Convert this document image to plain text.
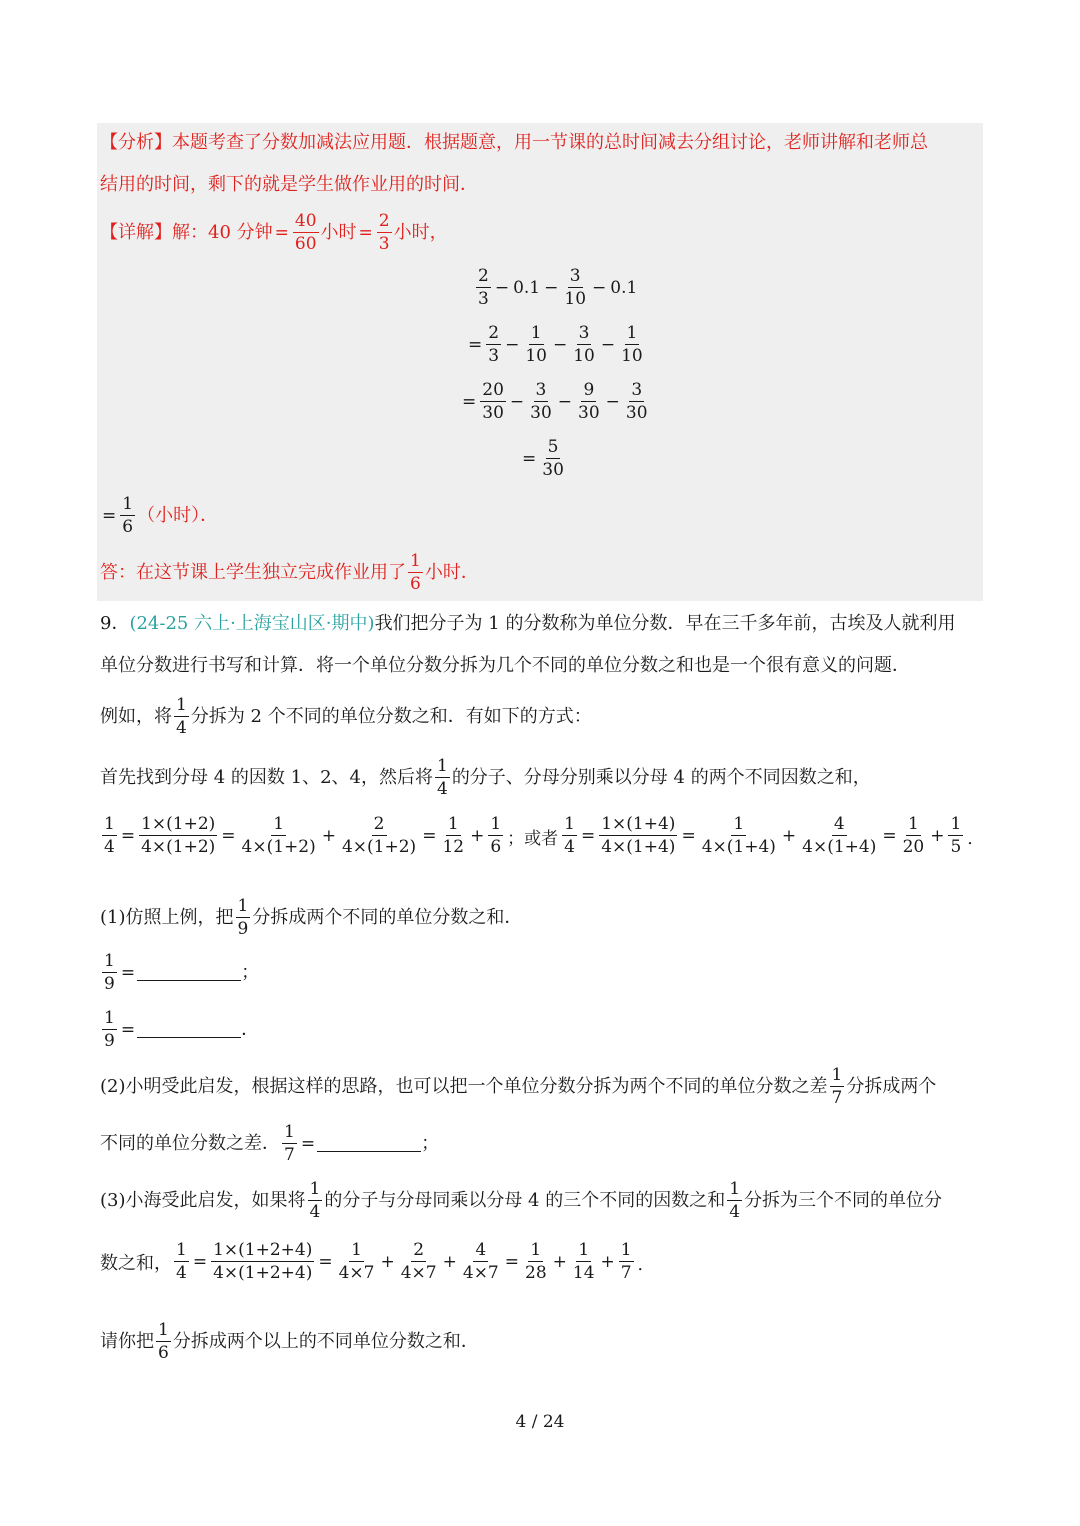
【分析】本题考查了分数加减法应用题．根据题意，用一节课的总时间减去分组讨论，老师讲解和老师总
结用的时间，剩下的就是学生做作业用的时间．
【详解】解：40 分钟 = $\frac{40}{60}$ 小时 = $\frac{2}{3}$ 小时，
$\frac{2}{3} - 0.1 - \frac{3}{10} - 0.1$
= $\frac{2}{3} - \frac{1}{10} - \frac{3}{10} - \frac{1}{10}$
= $\frac{20}{30} - \frac{3}{30} - \frac{9}{30} - \frac{3}{30}$
= $\frac{5}{30}$
= $\frac{1}{6}$ （小时）．
答：在这节课上学生独立完成作业用了 $\frac{1}{6}$ 小时．
9．(24-25 六上·上海宝山区·期中)我们把分子为 1 的分数称为单位分数．早在三千多年前，古埃及人就利用
单位分数进行书写和计算．将一个单位分数分拆为几个不同的单位分数之和也是一个很有意义的问题．
例如，将 $\frac{1}{4}$ 分拆为 2 个不同的单位分数之和．有如下的方式：
首先找到分母 4 的因数 1、2、4，然后将 $\frac{1}{4}$ 的分子、分母分别乘以分母 4 的两个不同因数之和，
$\frac{1}{4} = \frac{1\times(1+2)}{4\times(1+2)} = \frac{1}{4\times(1+2)} + \frac{2}{4\times(1+2)} = \frac{1}{12} + \frac{1}{6}$ ；或者 $\frac{1}{4} = \frac{1\times(1+4)}{4\times(1+4)} = \frac{1}{4\times(1+4)} + \frac{4}{4\times(1+4)} = \frac{1}{20} + \frac{1}{5}$ ．
(1)仿照上例，把 $\frac{1}{9}$ 分拆成两个不同的单位分数之和．
$\frac{1}{9}$ =	；
$\frac{1}{9}$ =	．
(2)小明受此启发，根据这样的思路，也可以把一个单位分数分拆为两个不同的单位分数之差 $\frac{1}{7}$ 分拆成两个
不同的单位分数之差． $\frac{1}{7}$ =	；
(3)小海受此启发，如果将 $\frac{1}{4}$ 的分子与分母同乘以分母 4 的三个不同的因数之和 $\frac{1}{4}$ 分拆为三个不同的单位分
数之和， $\frac{1}{4} = \frac{1\times(1+2+4)}{4\times(1+2+4)} = \frac{1}{4\times 7} + \frac{2}{4\times 7} + \frac{4}{4\times 7} = \frac{1}{28} + \frac{1}{14} + \frac{1}{7}$ ．
请你把 $\frac{1}{6}$ 分拆成两个以上的不同单位分数之和．
4 / 24
